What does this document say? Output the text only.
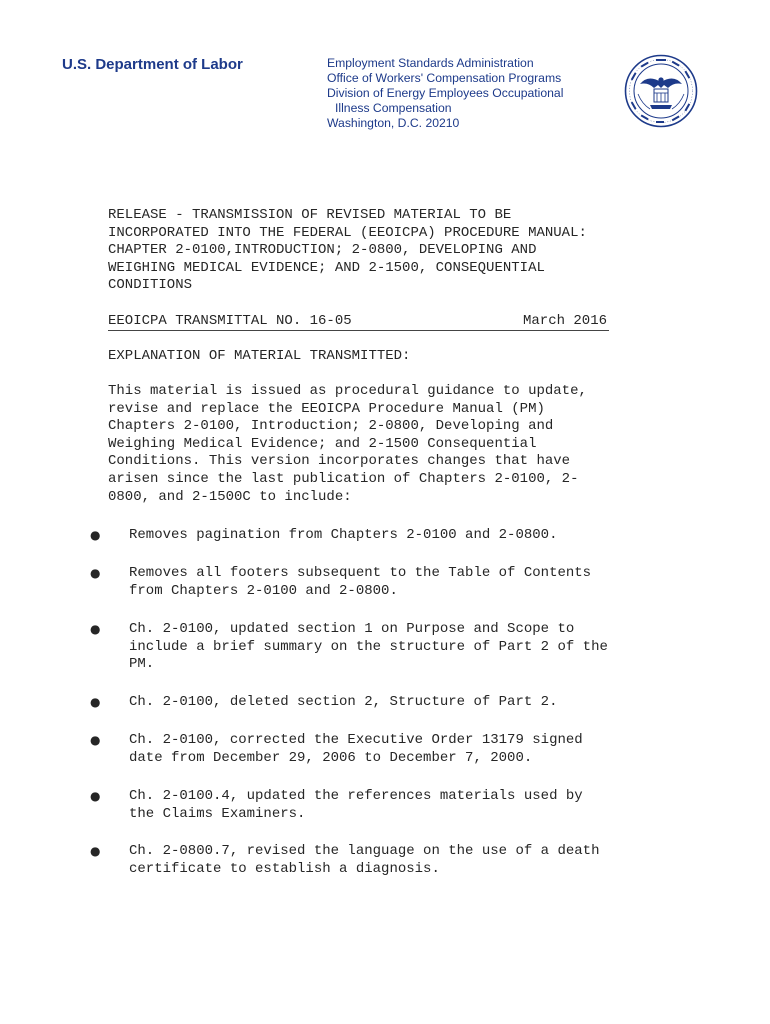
U.S. Department of Labor	Employment Standards Administration
Office of Workers' Compensation Programs
Division of Energy Employees Occupational
Illness Compensation
Washington, D.C. 20210
RELEASE - TRANSMISSION OF REVISED MATERIAL TO BE
INCORPORATED INTO THE FEDERAL (EEOICPA) PROCEDURE MANUAL:
CHAPTER 2-0100,INTRODUCTION; 2-0800, DEVELOPING AND
WEIGHING MEDICAL EVIDENCE; AND 2-1500, CONSEQUENTIAL
CONDITIONS
EEOICPA TRANSMITTAL NO. 16-05	March 2016
EXPLANATION OF MATERIAL TRANSMITTED:
This material is issued as procedural guidance to update,
revise and replace the EEOICPA Procedure Manual (PM)
Chapters 2-0100, Introduction; 2-0800, Developing and
Weighing Medical Evidence; and 2-1500 Consequential
Conditions. This version incorporates changes that have
arisen since the last publication of Chapters 2-0100, 2-
0800, and 2-1500C to include:
● Removes pagination from Chapters 2-0100 and 2-0800.
● Removes all footers subsequent to the Table of Contents
from Chapters 2-0100 and 2-0800.
● Ch. 2-0100, updated section 1 on Purpose and Scope to
include a brief summary on the structure of Part 2 of the
PM.
● Ch. 2-0100, deleted section 2, Structure of Part 2.
● Ch. 2-0100, corrected the Executive Order 13179 signed
date from December 29, 2006 to December 7, 2000.
● Ch. 2-0100.4, updated the references materials used by
the Claims Examiners.
● Ch. 2-0800.7, revised the language on the use of a death
certificate to establish a diagnosis.
